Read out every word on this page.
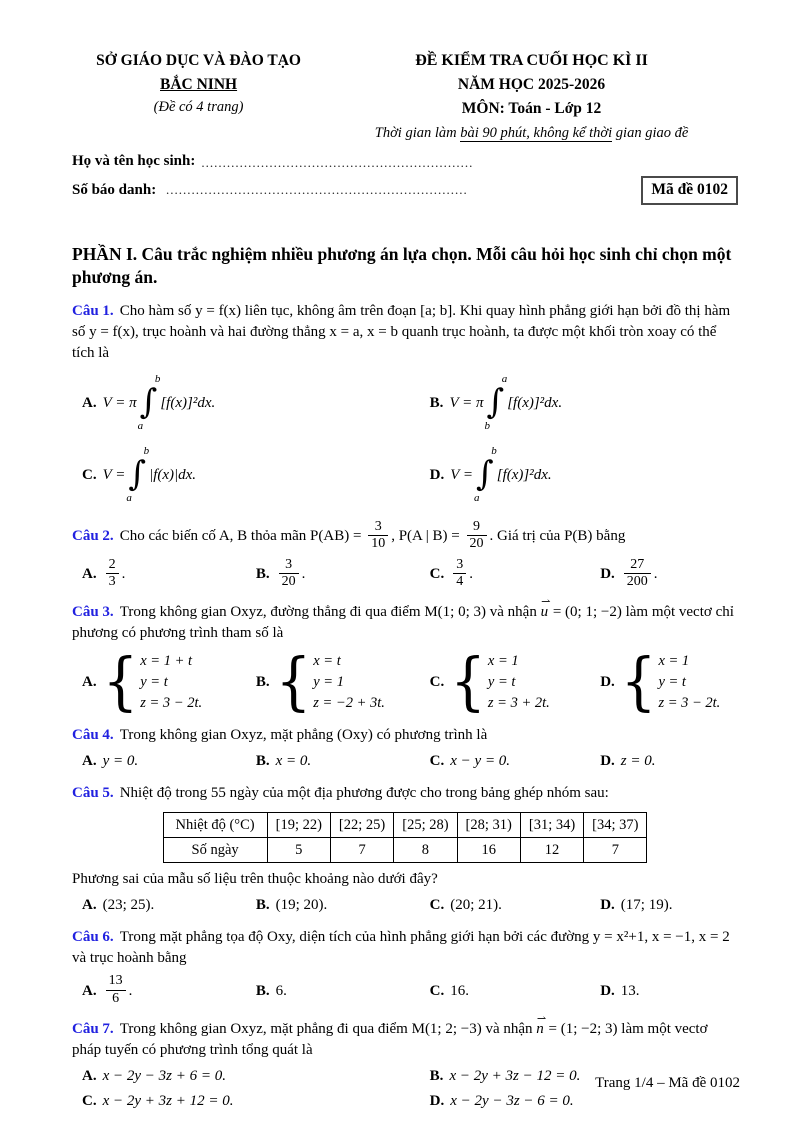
SỞ GIÁO DỤC VÀ ĐÀO TẠO
BẮC NINH
(Đề có 4 trang)
ĐỀ KIỂM TRA CUỐI HỌC KÌ II
NĂM HỌC 2025-2026
MÔN: Toán - Lớp 12
Thời gian làm bài 90 phút, không kể thời gian giao đề
Họ và tên học sinh: ................................................................
Số báo danh: .......................................................................	Mã đề 0102
PHẦN I. Câu trắc nghiệm nhiều phương án lựa chọn. Mỗi câu hỏi học sinh chỉ chọn một phương án.
Câu 1. Cho hàm số y = f(x) liên tục, không âm trên đoạn [a; b]. Khi quay hình phẳng giới hạn bởi đồ thị hàm số y = f(x), trục hoành và hai đường thẳng x = a, x = b quanh trục hoành, ta được một khối tròn xoay có thể tích là
A. V = π
b
∫
a
[f(x)]²dx.	B. V = π
a
∫
b
[f(x)]²dx.
C. V =
b
∫
a
|f(x)|dx.	D. V =
b
∫
a
[f(x)]²dx.
Câu 2. Cho các biến cố A, B thỏa mãn $P(AB) = \frac{3}{10}$ , P(A | $B) = \frac{9}{20}$ . Giá trị của P(B) bằng
A. $\frac{2}{3}$ .	B. $\frac{3}{20}$ .	C. $\frac{3}{4}$ .	D. $\frac{27}{200}$ .
Câu 3. Trong không gian Oxyz, đường thẳng đi qua điểm M(1; 0; 3) và nhận
⇀
u = (0; 1; −2) làm một vectơ chỉ phương có phương trình tham số là
A. { x = 1 + t
y = t
z = 3 − 2t.
B. { x = t
y = 1
z = −2 + 3t.
C. { x = 1
y = t
z = 3 + 2t.
D. { x = 1
y = t
z = 3 − 2t.
Câu 4. Trong không gian Oxyz, mặt phẳng (Oxy) có phương trình là
A. y = 0.	B. x = 0.	C. x − y = 0.	D. z = 0.
Câu 5. Nhiệt độ trong 55 ngày của một địa phương được cho trong bảng ghép nhóm sau:
Nhiệt độ (°C)	[19; 22)	[22; 25)	[25; 28)	[28; 31)	[31; 34)	[34; 37)
Số ngày	5	7	8	16	12	7
Phương sai của mẫu số liệu trên thuộc khoảng nào dưới đây?
A. (23; 25).	B. (19; 20).	C. (20; 21).	D. (17; 19).
Câu 6. Trong mặt phẳng tọa độ Oxy, diện tích của hình phẳng giới hạn bởi các đường y = x²+1, x = −1, x = 2 và trục hoành bằng
A. $\frac{13}{6}$ .	B. 6.	C. 16.	D. 13.
Câu 7. Trong không gian Oxyz, mặt phẳng đi qua điểm M(1; 2; −3) và nhận
⇀
n = (1; −2; 3) làm một vectơ pháp tuyến có phương trình tổng quát là
A. x − 2y − 3z + 6 = 0.	B. x − 2y + 3z − 12 = 0.
C. x − 2y + 3z + 12 = 0.	D. x − 2y − 3z − 6 = 0.
Trang 1/4 – Mã đề 0102
